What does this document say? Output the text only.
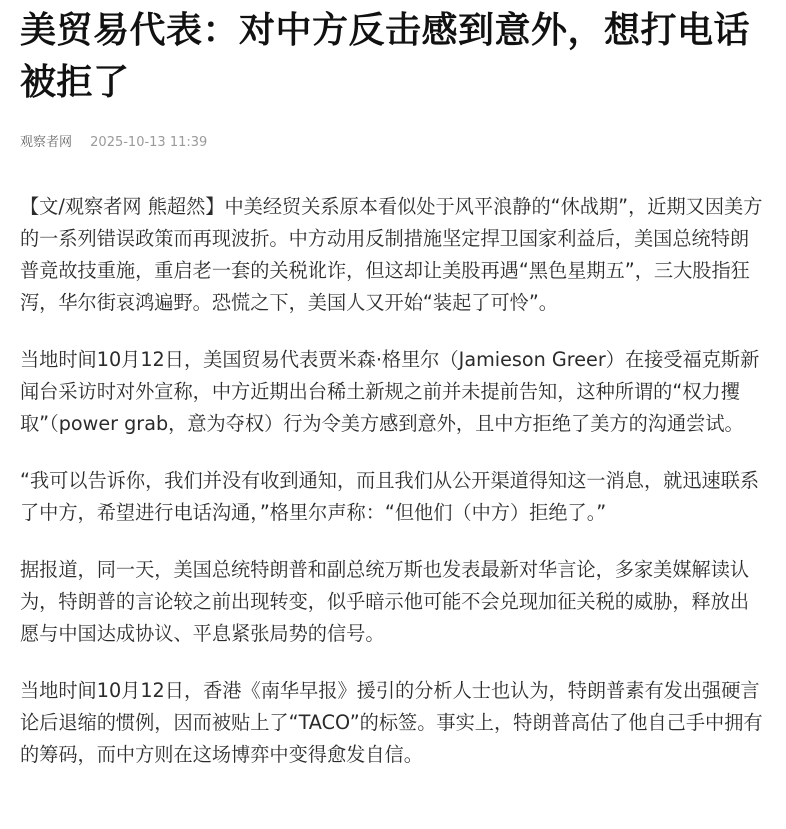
美贸易代表：对中方反击感到意外，想打电话被拒了
观察者网 2025-10-13 11:39

【文/观察者网 熊超然】中美经贸关系原本看似处于风平浪静的“休战期”，近期又因美方的一系列错误政策而再现波折。中方动用反制措施坚定捍卫国家利益后，美国总统特朗普竟故技重施，重启老一套的关税讹诈，但这却让美股再遇“黑色星期五”，三大股指狂泻，华尔街哀鸿遍野。恐慌之下，美国人又开始“装起了可怜”。

当地时间10月12日，美国贸易代表贾米森·格里尔（Jamieson Greer）在接受福克斯新闻台采访时对外宣称，中方近期出台稀土新规之前并未提前告知，这种所谓的“权力攫取”（power grab，意为夺权）行为令美方感到意外，且中方拒绝了美方的沟通尝试。

“我可以告诉你，我们并没有收到通知，而且我们从公开渠道得知这一消息，就迅速联系了中方，希望进行电话沟通，”格里尔声称：“但他们（中方）拒绝了。”

据报道，同一天，美国总统特朗普和副总统万斯也发表最新对华言论，多家美媒解读认为，特朗普的言论较之前出现转变，似乎暗示他可能不会兑现加征关税的威胁，释放出愿与中国达成协议、平息紧张局势的信号。

当地时间10月12日，香港《南华早报》援引的分析人士也认为，特朗普素有发出强硬言论后退缩的惯例，因而被贴上了“TACO”的标签。事实上，特朗普高估了他自己手中拥有的筹码，而中方则在这场博弈中变得愈发自信。
